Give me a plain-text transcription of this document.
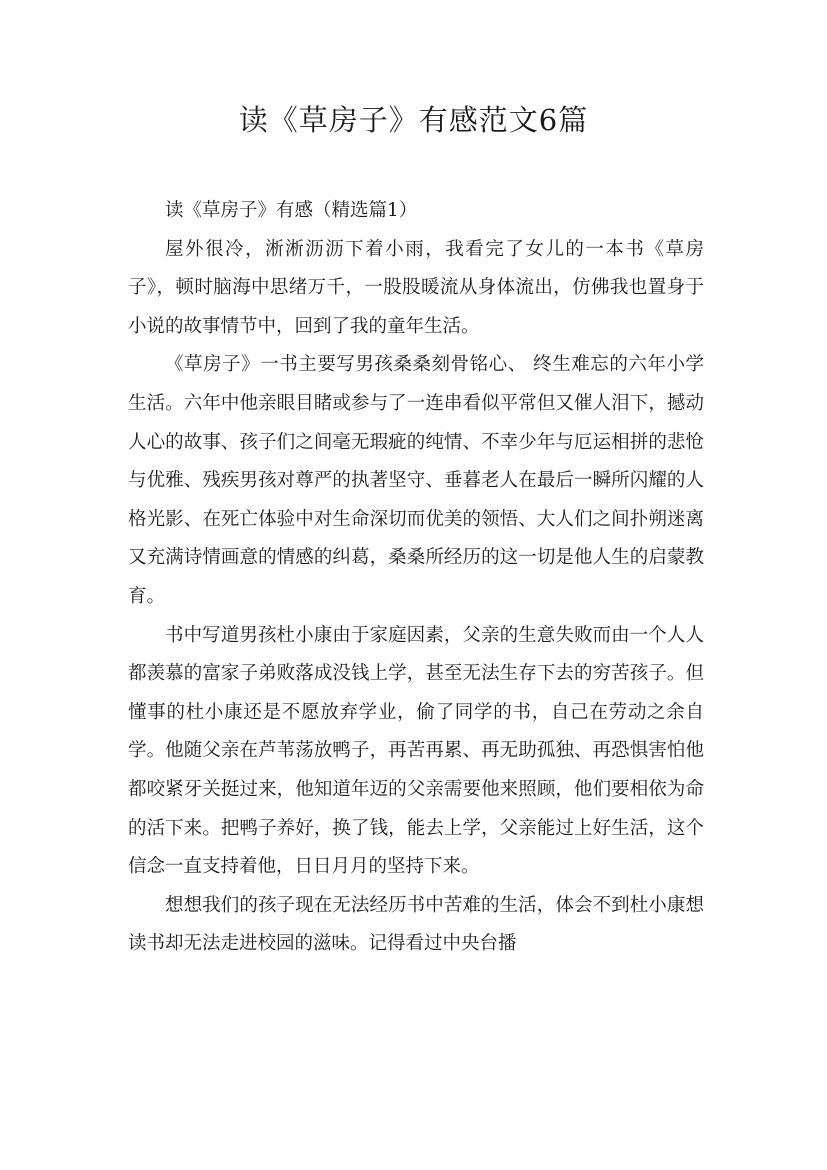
读《草房子》有感范文6篇

读《草房子》有感（精选篇1）

屋外很冷，淅淅沥沥下着小雨，我看完了女儿的一本书《草房子》，顿时脑海中思绪万千，一股股暖流从身体流出，仿佛我也置身于小说的故事情节中，回到了我的童年生活。

《草房子》一书主要写男孩桑桑刻骨铭心、 终生难忘的六年小学生活。六年中他亲眼目睹或参与了一连串看似平常但又催人泪下，撼动人心的故事、孩子们之间毫无瑕疵的纯情、不幸少年与厄运相拼的悲怆与优雅、残疾男孩对尊严的执著坚守、垂暮老人在最后一瞬所闪耀的人格光影、在死亡体验中对生命深切而优美的领悟、大人们之间扑朔迷离又充满诗情画意的情感的纠葛，桑桑所经历的这一切是他人生的启蒙教育。

书中写道男孩杜小康由于家庭因素，父亲的生意失败而由一个人人都羡慕的富家子弟败落成没钱上学，甚至无法生存下去的穷苦孩子。但懂事的杜小康还是不愿放弃学业，偷了同学的书，自己在劳动之余自学。他随父亲在芦苇荡放鸭子，再苦再累、再无助孤独、再恐惧害怕他都咬紧牙关挺过来，他知道年迈的父亲需要他来照顾，他们要相依为命的活下来。把鸭子养好，换了钱，能去上学，父亲能过上好生活，这个信念一直支持着他，日日月月的坚持下来。

想想我们的孩子现在无法经历书中苦难的生活，体会不到杜小康想读书却无法走进校园的滋味。记得看过中央台播
